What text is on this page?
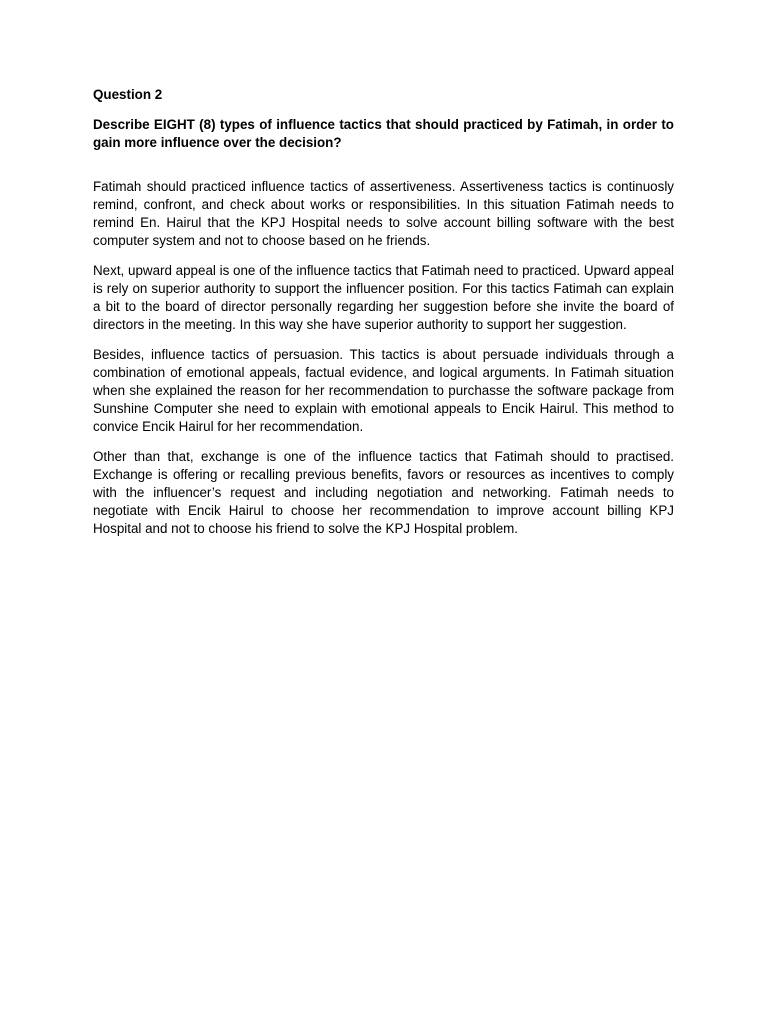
Question 2

Describe EIGHT (8) types of influence tactics that should practiced by Fatimah, in order to gain more influence over the decision?

Fatimah should practiced influence tactics of assertiveness. Assertiveness tactics is continuosly remind, confront, and check about works or responsibilities. In this situation Fatimah needs to remind En. Hairul that the KPJ Hospital needs to solve account billing software with the best computer system and not to choose based on he friends.

Next, upward appeal is one of the influence tactics that Fatimah need to practiced. Upward appeal is rely on superior authority to support the influencer position. For this tactics Fatimah can explain a bit to the board of director personally regarding her suggestion before she invite the board of directors in the meeting. In this way she have superior authority to support her suggestion.

Besides, influence tactics of persuasion. This tactics is about persuade individuals through a combination of emotional appeals, factual evidence, and logical arguments. In Fatimah situation when she explained the reason for her recommendation to purchasse the software package from Sunshine Computer she need to explain with emotional appeals to Encik Hairul. This method to convice Encik Hairul for her recommendation.

Other than that, exchange is one of the influence tactics that Fatimah should to practised. Exchange is offering or recalling previous benefits, favors or resources as incentives to comply with the influencer’s request and including negotiation and networking. Fatimah needs to negotiate with Encik Hairul to choose her recommendation to improve account billing KPJ Hospital and not to choose his friend to solve the KPJ Hospital problem.
